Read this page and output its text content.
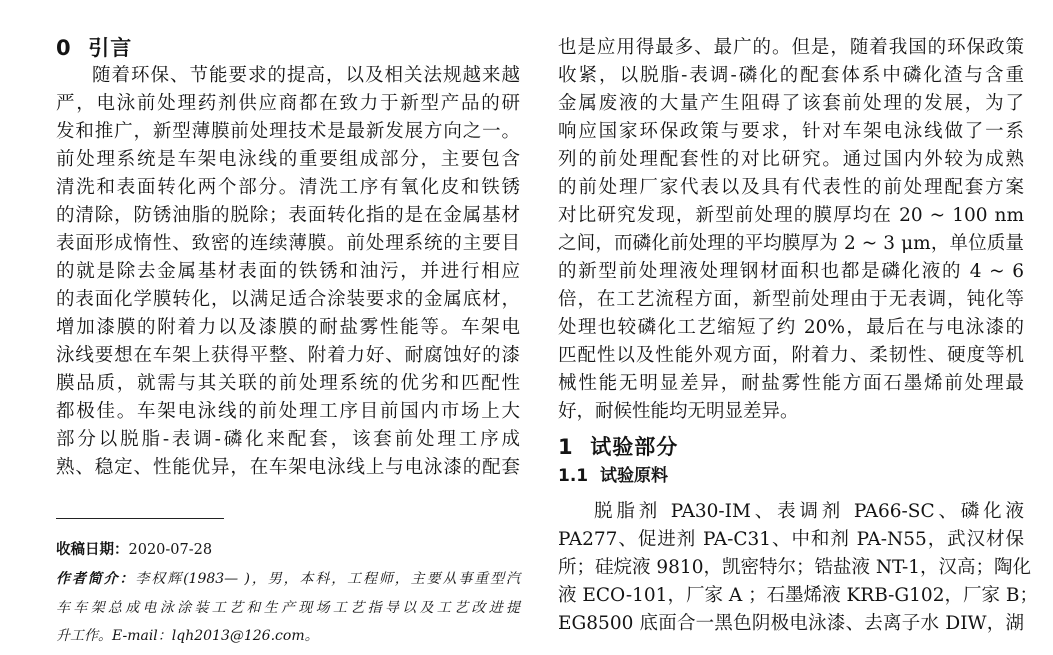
0 引言
随着环保、节能要求的提高，以及相关法规越来越
严，电泳前处理药剂供应商都在致力于新型产品的研
发和推广，新型薄膜前处理技术是最新发展方向之一。
前处理系统是车架电泳线的重要组成部分，主要包含
清洗和表面转化两个部分。清洗工序有氧化皮和铁锈
的清除，防锈油脂的脱除；表面转化指的是在金属基材
表面形成惰性、致密的连续薄膜。前处理系统的主要目
的就是除去金属基材表面的铁锈和油污，并进行相应
的表面化学膜转化，以满足适合涂装要求的金属底材，
增加漆膜的附着力以及漆膜的耐盐雾性能等。车架电
泳线要想在车架上获得平整、附着力好、耐腐蚀好的漆
膜品质，就需与其关联的前处理系统的优劣和匹配性
都极佳。车架电泳线的前处理工序目前国内市场上大
部分以脱脂-表调-磷化来配套，该套前处理工序成
熟、稳定、性能优异，在车架电泳线上与电泳漆的配套
收稿日期：2020-07-28
作者简介：李权辉(1983— )，男，本科，工程师，主要从事重型汽
车车架总成电泳涂装工艺和生产现场工艺指导以及工艺改进提
升工作。E-mail：lqh2013@126.com。
也是应用得最多、最广的。但是，随着我国的环保政策
收紧，以脱脂-表调-磷化的配套体系中磷化渣与含重
金属废液的大量产生阻碍了该套前处理的发展，为了
响应国家环保政策与要求，针对车架电泳线做了一系
列的前处理配套性的对比研究。通过国内外较为成熟
的前处理厂家代表以及具有代表性的前处理配套方案
对比研究发现，新型前处理的膜厚均在 20 ~ 100 nm
之间，而磷化前处理的平均膜厚为 2 ~ 3 μm，单位质量
的新型前处理液处理钢材面积也都是磷化液的 4 ~ 6
倍，在工艺流程方面，新型前处理由于无表调，钝化等
处理也较磷化工艺缩短了约 20%，最后在与电泳漆的
匹配性以及性能外观方面，附着力、柔韧性、硬度等机
械性能无明显差异，耐盐雾性能方面石墨烯前处理最
好，耐候性能均无明显差异。
1 试验部分
1.1 试验原料
脱脂剂 PA30-IM、表调剂 PA66-SC、磷化液
PA277、促进剂 PA-C31、中和剂 PA-N55，武汉材保
所；硅烷液 9810，凯密特尔；锆盐液 NT-1，汉高；陶化
液 ECO-101，厂家 A ；石墨烯液 KRB-G102，厂家 B；
EG8500 底面合一黑色阴极电泳漆、去离子水 DIW，湖
